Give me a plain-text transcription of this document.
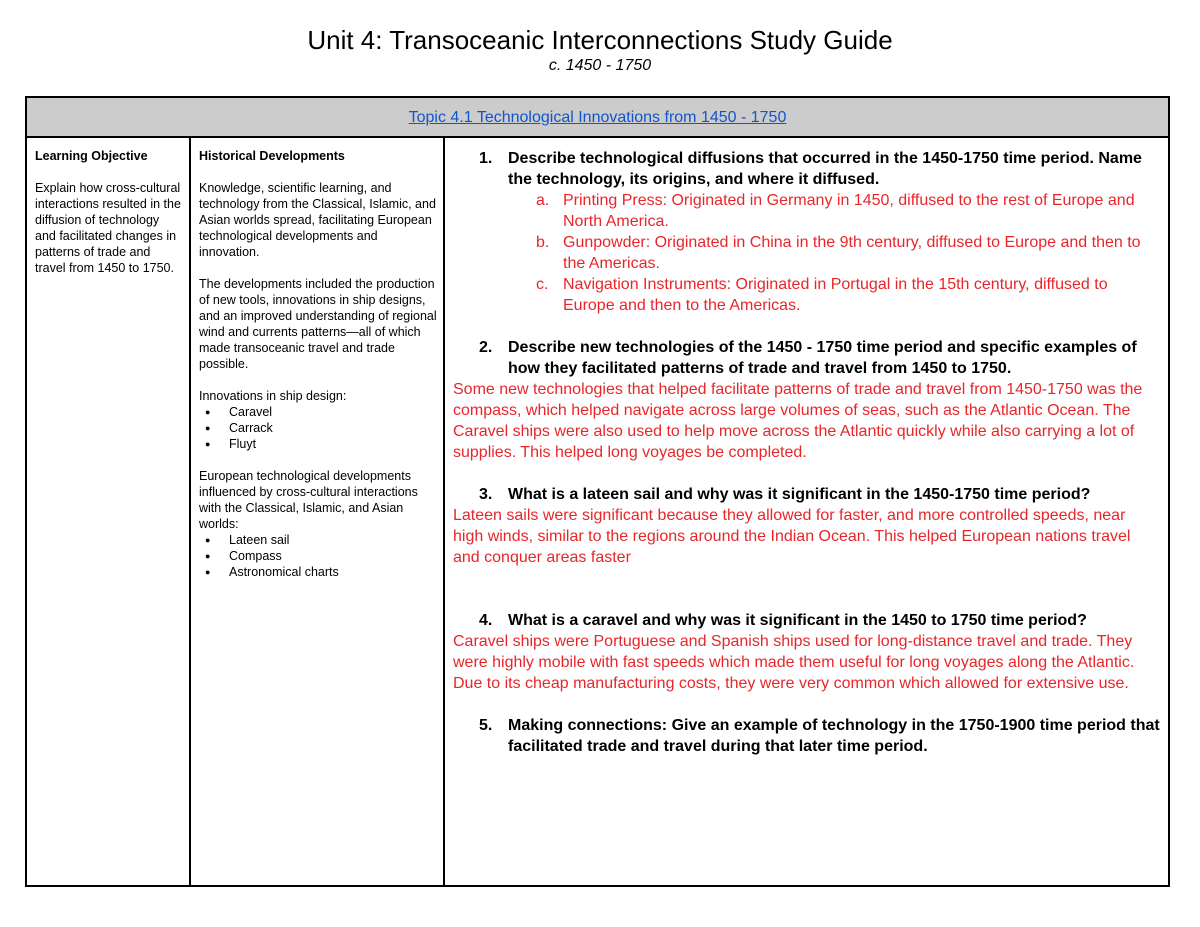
Unit 4: Transoceanic Interconnections Study Guide
c. 1450 - 1750
Topic 4.1 Technological Innovations from 1450 - 1750
Learning Objective
Explain how cross-cultural interactions resulted in the diffusion of technology and facilitated changes in patterns of trade and travel from 1450 to 1750.
Historical Developments
Knowledge, scientific learning, and technology from the Classical, Islamic, and Asian worlds spread, facilitating European technological developments and innovation.
The developments included the production of new tools, innovations in ship designs, and an improved understanding of regional wind and currents patterns—all of which made transoceanic travel and trade possible.
Innovations in ship design:
● Caravel
● Carrack
● Fluyt
European technological developments influenced by cross-cultural interactions with the Classical, Islamic, and Asian worlds:
● Lateen sail
● Compass
● Astronomical charts
1. Describe technological diffusions that occurred in the 1450-1750 time period. Name the technology, its origins, and where it diffused.
a. Printing Press: Originated in Germany in 1450, diffused to the rest of Europe and North America.
b. Gunpowder: Originated in China in the 9th century, diffused to Europe and then to the Americas.
c. Navigation Instruments: Originated in Portugal in the 15th century, diffused to Europe and then to the Americas.
2. Describe new technologies of the 1450 - 1750 time period and specific examples of how they facilitated patterns of trade and travel from 1450 to 1750.
Some new technologies that helped facilitate patterns of trade and travel from 1450-1750 was the compass, which helped navigate across large volumes of seas, such as the Atlantic Ocean. The Caravel ships were also used to help move across the Atlantic quickly while also carrying a lot of supplies. This helped long voyages be completed.
3. What is a lateen sail and why was it significant in the 1450-1750 time period?
Lateen sails were significant because they allowed for faster, and more controlled speeds, near high winds, similar to the regions around the Indian Ocean. This helped European nations travel and conquer areas faster
4. What is a caravel and why was it significant in the 1450 to 1750 time period?
Caravel ships were Portuguese and Spanish ships used for long-distance travel and trade. They were highly mobile with fast speeds which made them useful for long voyages along the Atlantic. Due to its cheap manufacturing costs, they were very common which allowed for extensive use.
5. Making connections: Give an example of technology in the 1750-1900 time period that facilitated trade and travel during that later time period.
